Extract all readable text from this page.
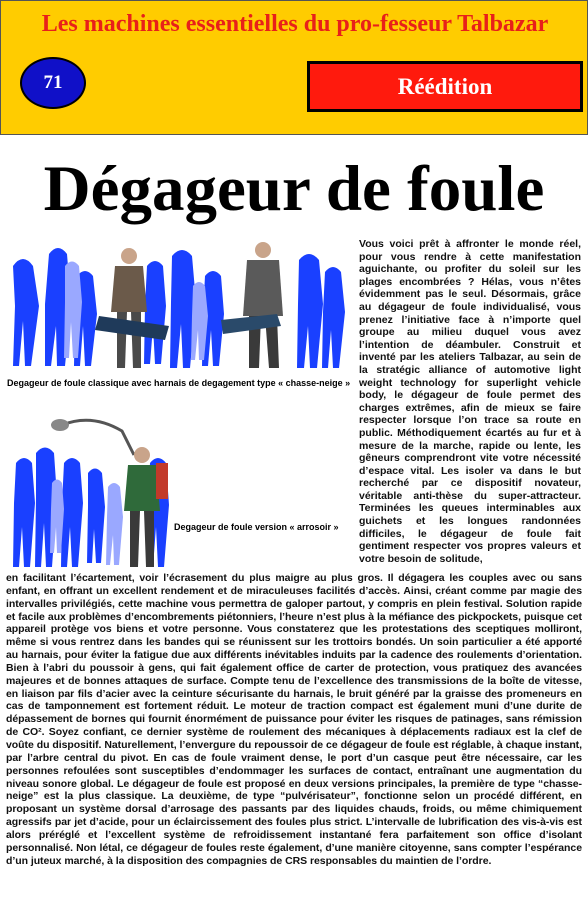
Les machines essentielles du pro-fesseur Talbazar
71	Réédition
Dégageur de foule
Degageur de foule classique avec harnais de degagement type « chasse-neige »
Degageur de foule version « arrosoir »

Vous voici prêt à affronter le monde réel, pour vous rendre à cette manifestation aguichante, ou profiter du soleil sur les plages encombrées ? Hélas, vous n’êtes évidemment pas le seul. Désormais, grâce au dégageur de foule individualisé, vous prenez l’initiative face à n’importe quel groupe au milieu duquel vous avez l’intention de déambuler. Construit et inventé par les ateliers Talbazar, au sein de la stratégic alliance of automotive light weight technology for superlight vehicle body, le dégageur de foule permet des charges extrêmes, afin de mieux se faire respecter lorsque l’on trace sa route en public. Méthodiquement écartés au fur et à mesure de la marche, rapide ou lente, les gêneurs comprendront vite votre nécessité d’espace vital. Les isoler va dans le but recherché par ce dispositif novateur, véritable anti-thèse du super-attracteur. Terminées les queues interminables aux guichets et les longues randonnées difficiles, le dégageur de foule fait gentiment respecter vos propres valeurs et votre besoin de solitude,

en facilitant l’écartement, voir l’écrasement du plus maigre au plus gros. Il dégagera les couples avec ou sans enfant, en offrant un excellent rendement et de miraculeuses facilités d’accès. Ainsi, créant comme par magie des intervalles privilégiés, cette machine vous permettra de galoper partout, y compris en plein festival. Solution rapide et facile aux problèmes d’encombrements piétonniers, l’heure n’est plus à la méfiance des pickpockets, puisque cet appareil protège vos biens et votre personne. Vous constaterez que les protestations des sceptiques molliront, même si vous rentrez dans les bandes qui se réunissent sur les trottoirs bondés. Un soin particulier a été apporté au harnais, pour éviter la fatigue due aux différents inévitables induits par la cadence des roulements d’orientation. Bien à l’abri du poussoir à gens, qui fait également office de carter de protection, vous pratiquez des avancées majeures et de bonnes attaques de surface. Compte tenu de l’excellence des transmissions de la boîte de vitesse, en liaison par fils d’acier avec la ceinture sécurisante du harnais, le bruit généré par la graisse des promeneurs en cas de tamponnement est fortement réduit. Le moteur de traction compact est également muni d’une durite de dépassement de bornes qui fournit énormément de puissance pour éviter les risques de patinages, sans rémission de CO². Soyez confiant, ce dernier système de roulement des mécaniques à déplacements radiaux est la clef de voûte du dispositif. Naturellement, l’envergure du repoussoir de ce dégageur de foule est réglable, à chaque instant, par l’arbre central du pivot. En cas de foule vraiment dense, le port d’un casque peut être nécessaire, car les personnes refoulées sont susceptibles d’endommager les surfaces de contact, entraînant une augmentation du niveau sonore global. Le dégageur de foule est proposé en deux versions principales, la première de type “chasse-neige” est la plus classique. La deuxième, de type “pulvérisateur”, fonctionne selon un procédé différent, en proposant un système dorsal d’arrosage des passants par des liquides chauds, froids, ou même chimiquement agressifs par jet d’acide, pour un éclaircissement des foules plus strict. L’intervalle de lubrification des vis-à-vis est alors préréglé et l’excellent système de refroidissement instantané fera parfaitement son office d’isolant personnalisé. Non létal, ce dégageur de foules reste également, d’une manière citoyenne, sans compter l’espérance d’un juteux marché, à la disposition des compagnies de CRS responsables du maintien de l’ordre.
